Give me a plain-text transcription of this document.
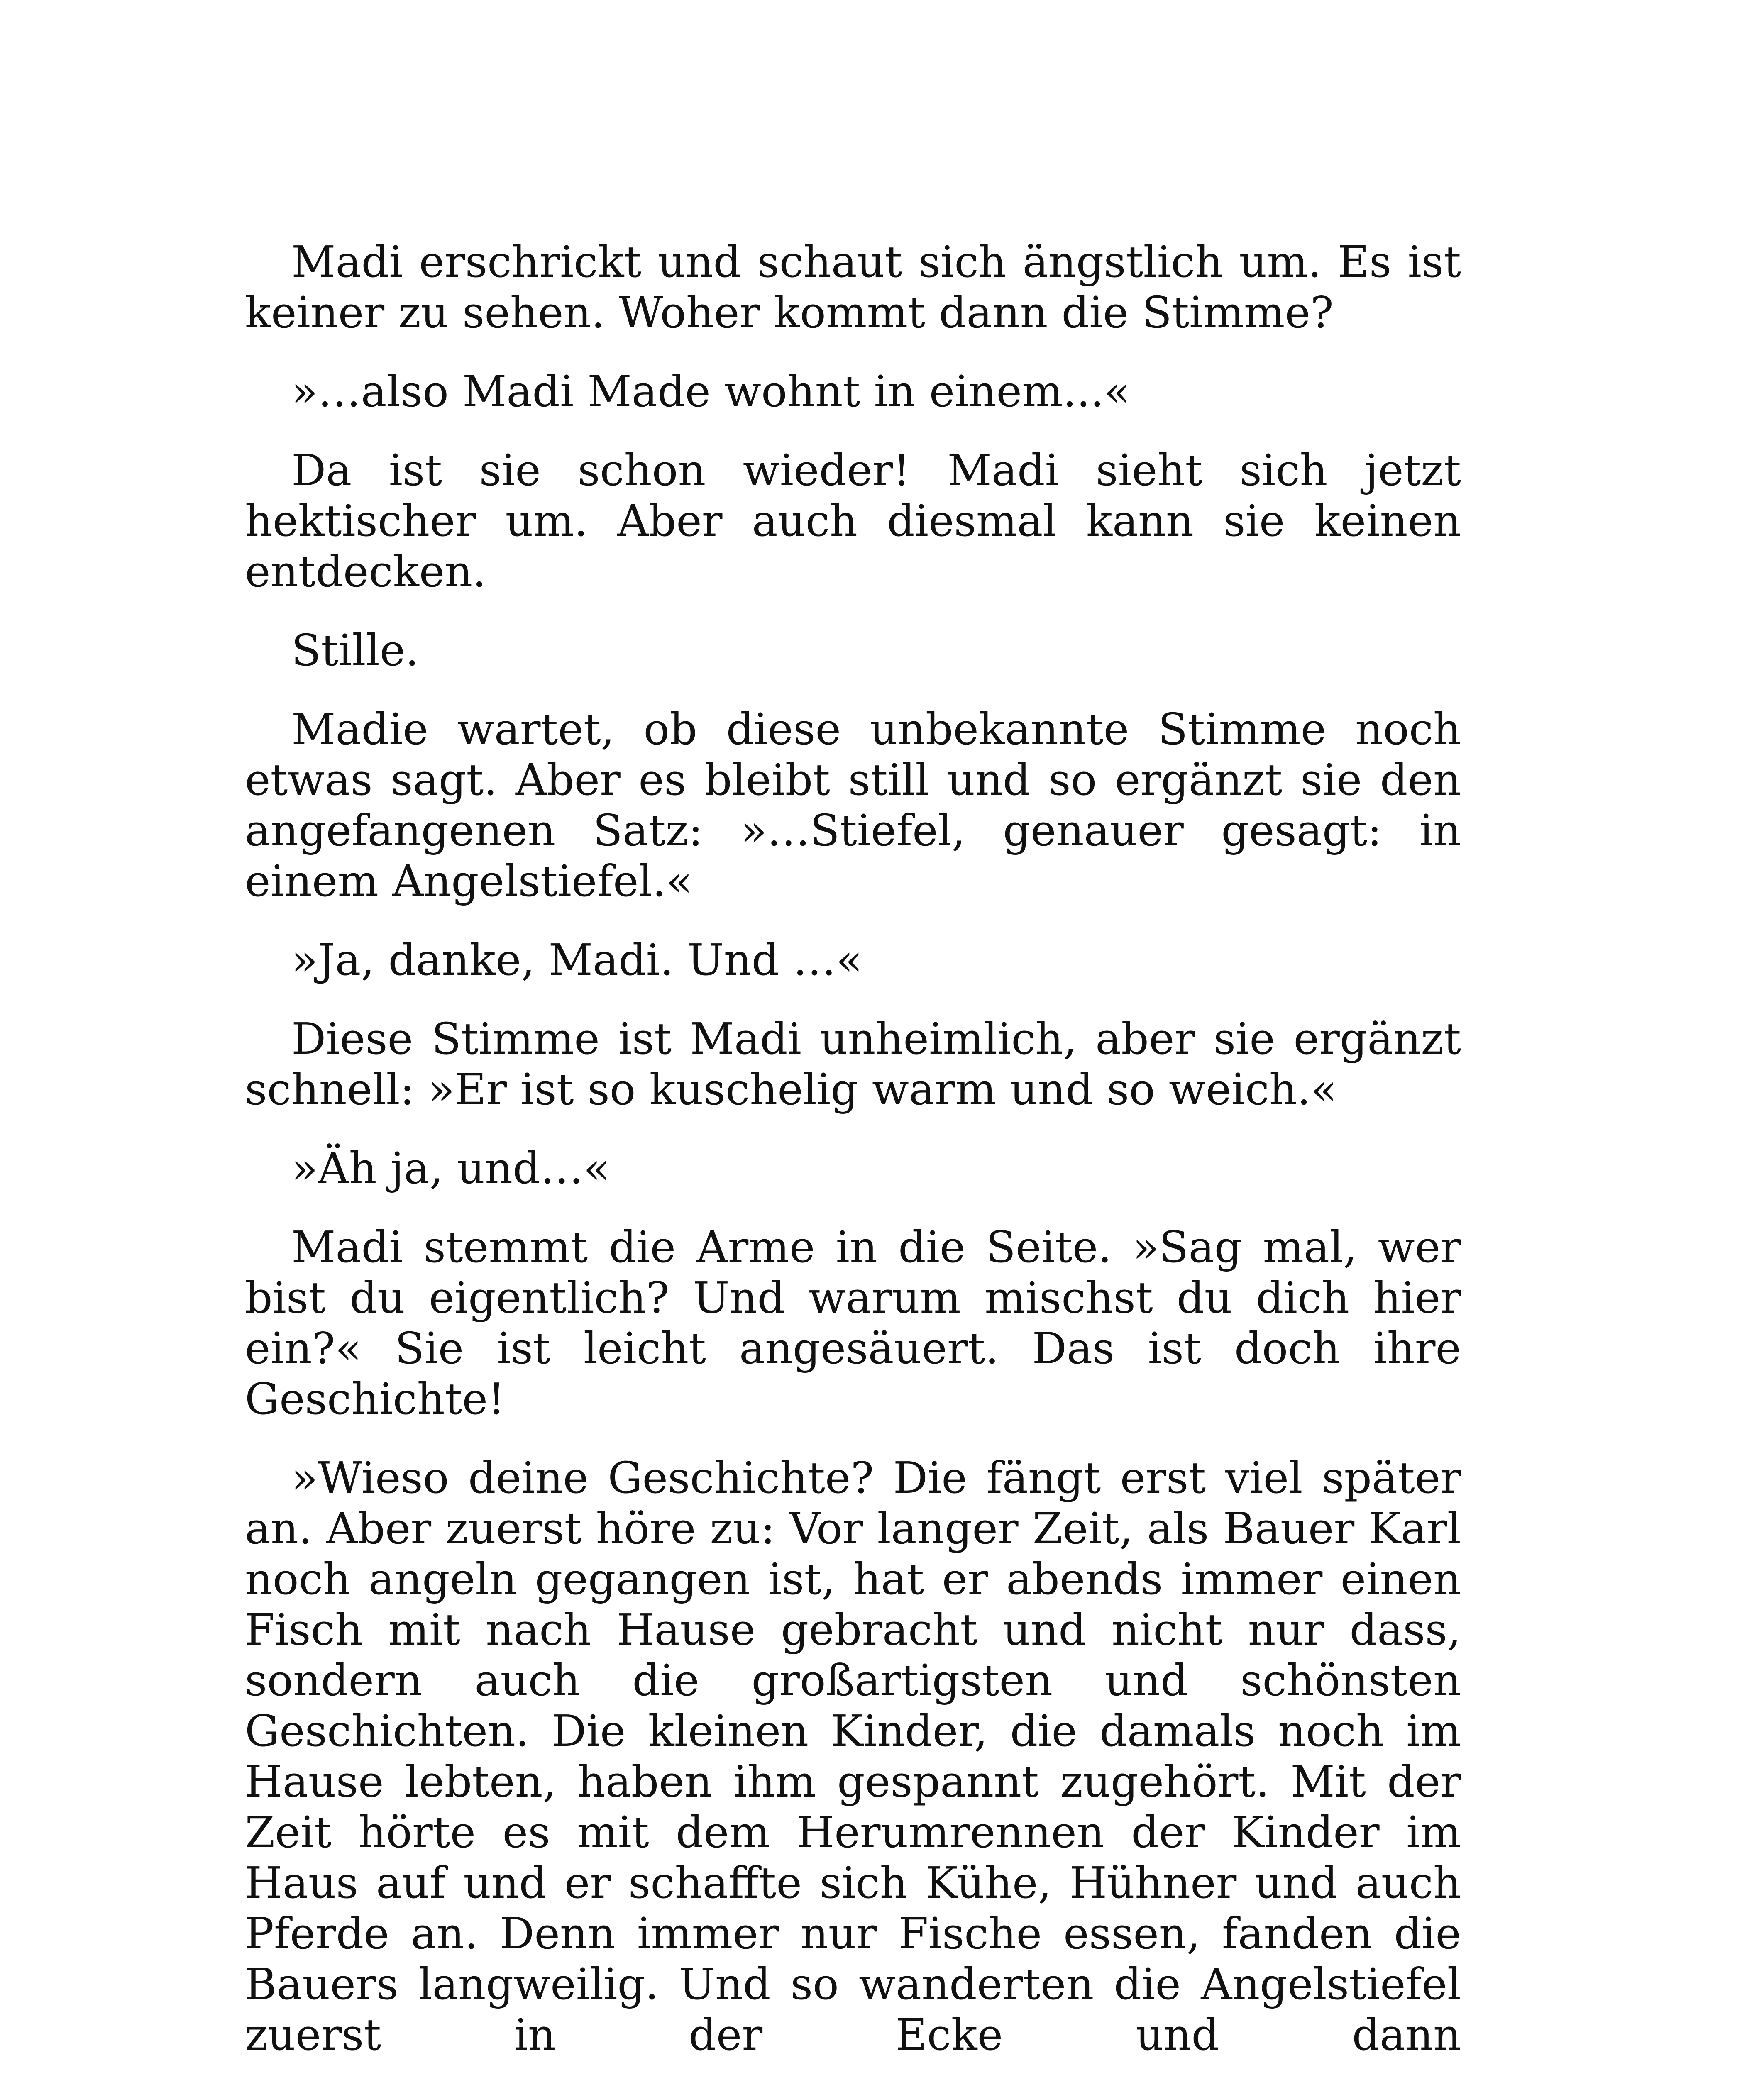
Madi erschrickt und schaut sich ängstlich um. Es ist keiner zu sehen. Woher kommt dann die Stimme?

»…also Madi Made wohnt in einem...«

Da ist sie schon wieder! Madi sieht sich jetzt hektischer um. Aber auch diesmal kann sie keinen entdecken.

Stille.

Madie wartet, ob diese unbekannte Stimme noch etwas sagt. Aber es bleibt still und so ergänzt sie den angefangenen Satz: »…Stiefel, genauer gesagt: in einem Angelstiefel.«

»Ja, danke, Madi. Und …«

Diese Stimme ist Madi unheimlich, aber sie ergänzt schnell: »Er ist so kuschelig warm und so weich.«

»Äh ja, und…«

Madi stemmt die Arme in die Seite. »Sag mal, wer bist du eigentlich? Und warum mischst du dich hier ein?« Sie ist leicht angesäuert. Das ist doch ihre Geschichte!

»Wieso deine Geschichte? Die fängt erst viel später an. Aber zuerst höre zu: Vor langer Zeit, als Bauer Karl noch angeln gegangen ist, hat er abends immer einen Fisch mit nach Hause gebracht und nicht nur dass, sondern auch die großartigsten und schönsten Geschichten. Die kleinen Kinder, die damals noch im Hause lebten, haben ihm gespannt zugehört. Mit der Zeit hörte es mit dem Herumrennen der Kinder im Haus auf und er schaffte sich Kühe, Hühner und auch Pferde an. Denn immer nur Fische essen, fanden die Bauers langweilig. Und so wanderten die Angelstiefel zuerst in der Ecke und dann
